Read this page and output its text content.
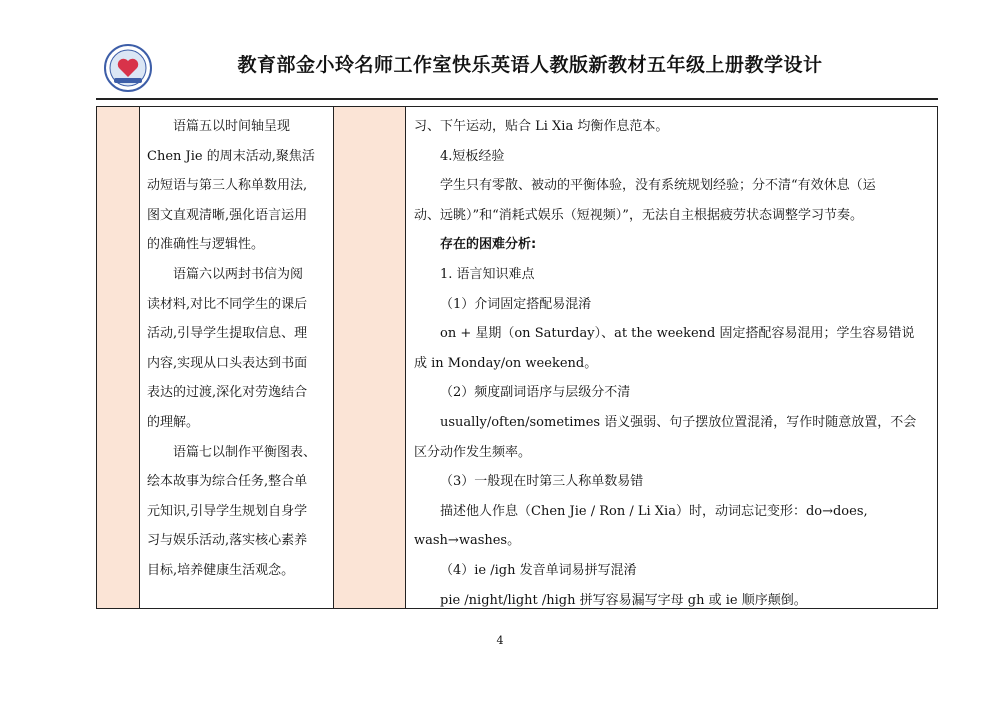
教育部金小玲名师工作室快乐英语人教版新教材五年级上册教学设计

语篇五以时间轴呈现

Chen Jie 的周末活动,聚焦活

动短语与第三人称单数用法,

图文直观清晰,强化语言运用

的准确性与逻辑性。

语篇六以两封书信为阅

读材料,对比不同学生的课后

活动,引导学生提取信息、理

内容,实现从口头表达到书面

表达的过渡,深化对劳逸结合

的理解。

语篇七以制作平衡图表、

绘本故事为综合任务,整合单

元知识,引导学生规划自身学

习与娱乐活动,落实核心素养

目标,培养健康生活观念。

习、下午运动，贴合 Li Xia 均衡作息范本。

4.短板经验

学生只有零散、被动的平衡体验，没有系统规划经验；分不清“有效休息（运

动、远眺）”和“消耗式娱乐（短视频）”，无法自主根据疲劳状态调整学习节奏。

存在的困难分析:

1. 语言知识难点

（1）介词固定搭配易混淆

on + 星期（on Saturday）、at the weekend 固定搭配容易混用；学生容易错说

成 in Monday/on weekend。

（2）频度副词语序与层级分不清

usually/often/sometimes 语义强弱、句子摆放位置混淆，写作时随意放置，不会

区分动作发生频率。

（3）一般现在时第三人称单数易错

描述他人作息（Chen Jie / Ron / Li Xia）时，动词忘记变形：do→does,

wash→washes。

（4）ie /igh 发音单词易拼写混淆

pie /night/light /high 拼写容易漏写字母 gh 或 ie 顺序颠倒。

4
